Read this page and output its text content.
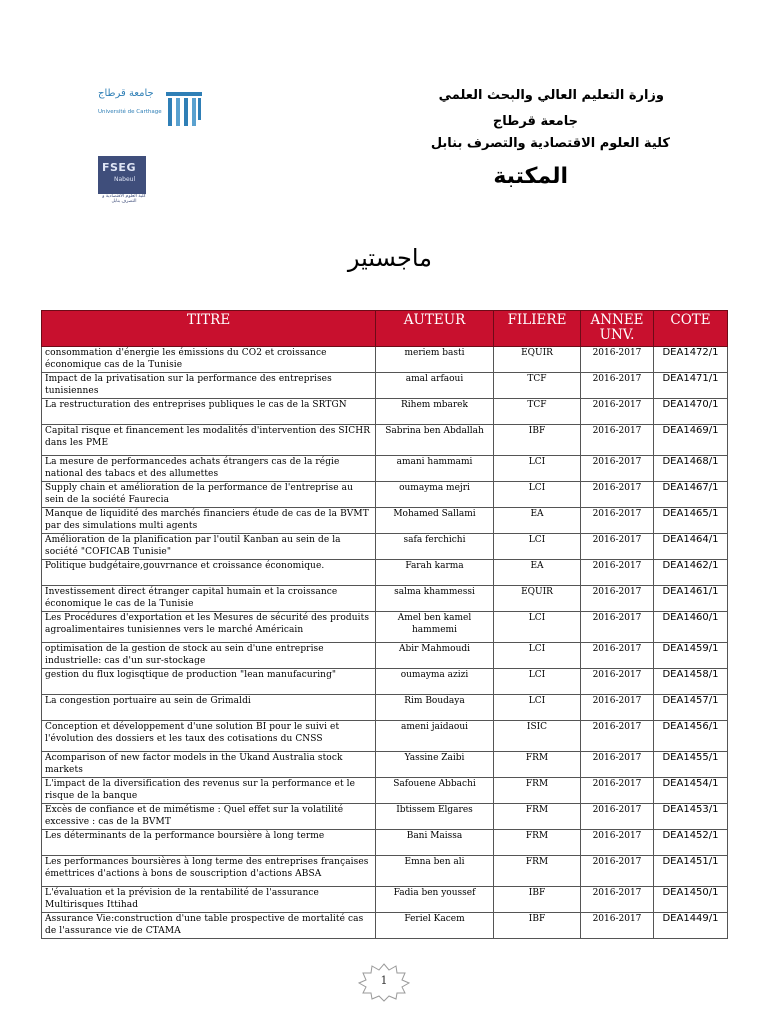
جامعة قرطاج
Université de Carthage
FSEG
Nabeul
كلية العلوم الاقتصادية و التصرف بنابل
وزارة التعليم العالي والبحث العلمي
جامعة قرطاج
كلية العلوم الاقتصادية والتصرف بنابل
المكتبة
ماجستير
TITRE	AUTEUR	FILIERE	ANNEE UNV.	COTE
consommation d'énergie les émissions du CO2 et croissance économique cas de la Tunisie	meriem basti	EQUIR	2016-2017	DEA1472/1
Impact de la privatisation sur la performance des entreprises tunisiennes	amal arfaoui	TCF	2016-2017	DEA1471/1
La restructuration des entreprises publiques le cas de la SRTGN	Rihem mbarek	TCF	2016-2017	DEA1470/1
Capital risque et financement les modalités d'intervention des SICHR dans les PME	Sabrina ben Abdallah	IBF	2016-2017	DEA1469/1
La mesure de performancedes achats étrangers cas de la régie national des tabacs et des allumettes	amani hammami	LCI	2016-2017	DEA1468/1
Supply chain et amélioration de la performance de l'entreprise au sein de la société Faurecia	oumayma mejri	LCI	2016-2017	DEA1467/1
Manque de liquidité des marchés financiers étude de cas de la BVMT par des simulations multi agents	Mohamed Sallami	EA	2016-2017	DEA1465/1
Amélioration de la planification par l'outil Kanban au sein de la société "COFICAB Tunisie"	safa ferchichi	LCI	2016-2017	DEA1464/1
Politique budgétaire,gouvrnance et croissance économique.	Farah karma	EA	2016-2017	DEA1462/1
Investissement direct étranger capital humain et la croissance économique le cas de la Tunisie	salma khammessi	EQUIR	2016-2017	DEA1461/1
Les Procédures d'exportation et les Mesures de sécurité des produits agroalimentaires tunisiennes vers le marché Américain	Amel ben kamel hammemi	LCI	2016-2017	DEA1460/1
optimisation de la gestion de stock au sein d'une entreprise industrielle: cas d'un sur-stockage	Abir Mahmoudi	LCI	2016-2017	DEA1459/1
gestion du flux logisqtique de production "lean manufacuring"	oumayma azizi	LCI	2016-2017	DEA1458/1
La congestion portuaire au sein de Grimaldi	Rim Boudaya	LCI	2016-2017	DEA1457/1
Conception et développement d'une solution BI pour le suivi et l'évolution des dossiers et les taux des cotisations du CNSS	ameni jaidaoui	ISIC	2016-2017	DEA1456/1
Acomparison of new factor models in the Ukand Australia stock markets	Yassine Zaibi	FRM	2016-2017	DEA1455/1
L'impact de la diversification des revenus sur la performance et le risque de la banque	Safouene Abbachi	FRM	2016-2017	DEA1454/1
Excès de confiance et de mimétisme : Quel effet sur la volatilité excessive : cas de la BVMT	Ibtissem Elgares	FRM	2016-2017	DEA1453/1
Les déterminants de la performance boursière à long terme	Bani Maissa	FRM	2016-2017	DEA1452/1
Les performances boursières à long terme des entreprises françaises émettrices d'actions à bons de souscription d'actions ABSA	Emna ben ali	FRM	2016-2017	DEA1451/1
L'évaluation et la prévision de la rentabilité de l'assurance Multirisques Ittihad	Fadia ben youssef	IBF	2016-2017	DEA1450/1
Assurance Vie:construction d'une table prospective de mortalité cas de l'assurance vie de CTAMA	Feriel Kacem	IBF	2016-2017	DEA1449/1
1
